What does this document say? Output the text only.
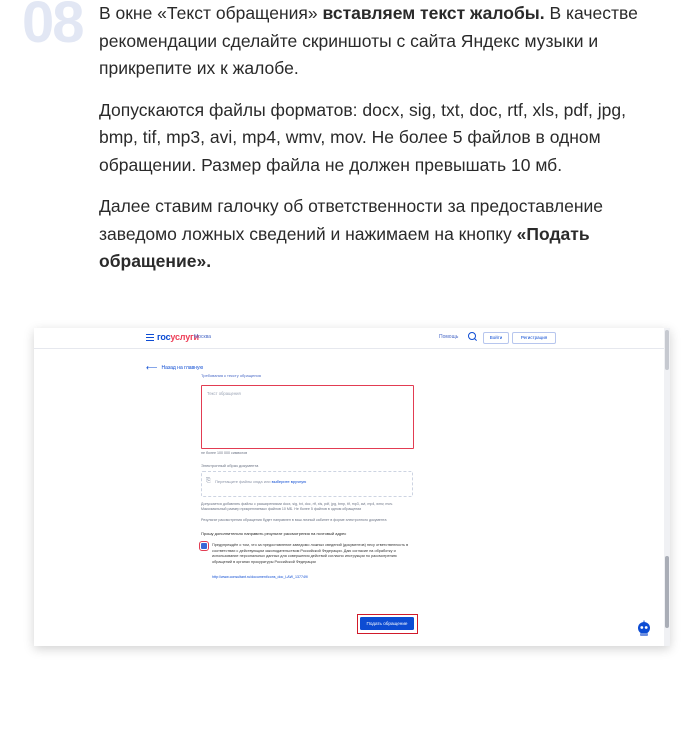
08 В окне «Текст обращения» вставляем текст жалобы. В качестве рекомендации сделайте скриншоты с сайта Яндекс музыки и прикрепите их к жалобе.

Допускаются файлы форматов: docx, sig, txt, doc, rtf, xls, pdf, jpg, bmp, tif, mp3, avi, mp4, wmv, mov. Не более 5 файлов в одном обращении. Размер файла не должен превышать 10 мб.

Далее ставим галочку об ответственности за предоставление заведомо ложных сведений и нажимаем на кнопку «Подать обращение».

госуслуги
Москва	Помощь	Войти	Регистрация
⟵ Назад на главную
Требования к тексту обращения
Текст обращения
не более 100 000 символов
Электронный образ документа
⎘ Перетащите файлы сюда или выберите вручную
Допускается добавлять файлы с расширениями docx, sig, txt, doc, rtf, xls, pdf, jpg, bmp, tif, mp3, avi, mp4, wmv, mov. Максимальный размер прикрепляемых файлов 10 МБ. Не более 5 файлов в одном обращении
Результат рассмотрения обращения будет направлен в ваш личный кабинет в форме электронного документа
Прошу дополнительно направить результат рассмотрения на почтовый адрес
Предупреждён о том, что за предоставление заведомо ложных сведений (документов) несу ответственность в соответствии с действующим законодательством Российской Федерации. Даю согласие на обработку и использование персональных данных для совершения действий согласно инструкции по рассмотрению обращений в органах прокуратуры Российской Федерации
http://www.consultant.ru/document/cons_doc_LAW_137749/
Подать обращение
